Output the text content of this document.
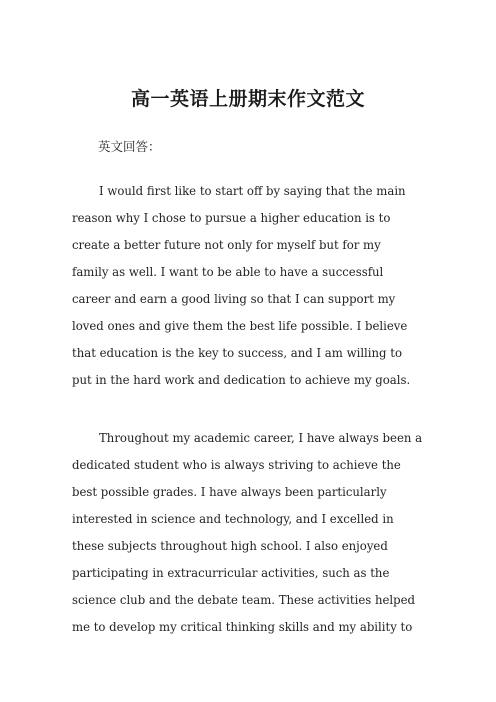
高一英语上册期末作文范文
英文回答：
I would first like to start off by saying that the main
reason why I chose to pursue a higher education is to
create a better future not only for myself but for my
family as well. I want to be able to have a successful
career and earn a good living so that I can support my
loved ones and give them the best life possible. I believe
that education is the key to success, and I am willing to
put in the hard work and dedication to achieve my goals.
Throughout my academic career, I have always been a
dedicated student who is always striving to achieve the
best possible grades. I have always been particularly
interested in science and technology, and I excelled in
these subjects throughout high school. I also enjoyed
participating in extracurricular activities, such as the
science club and the debate team. These activities helped
me to develop my critical thinking skills and my ability to
